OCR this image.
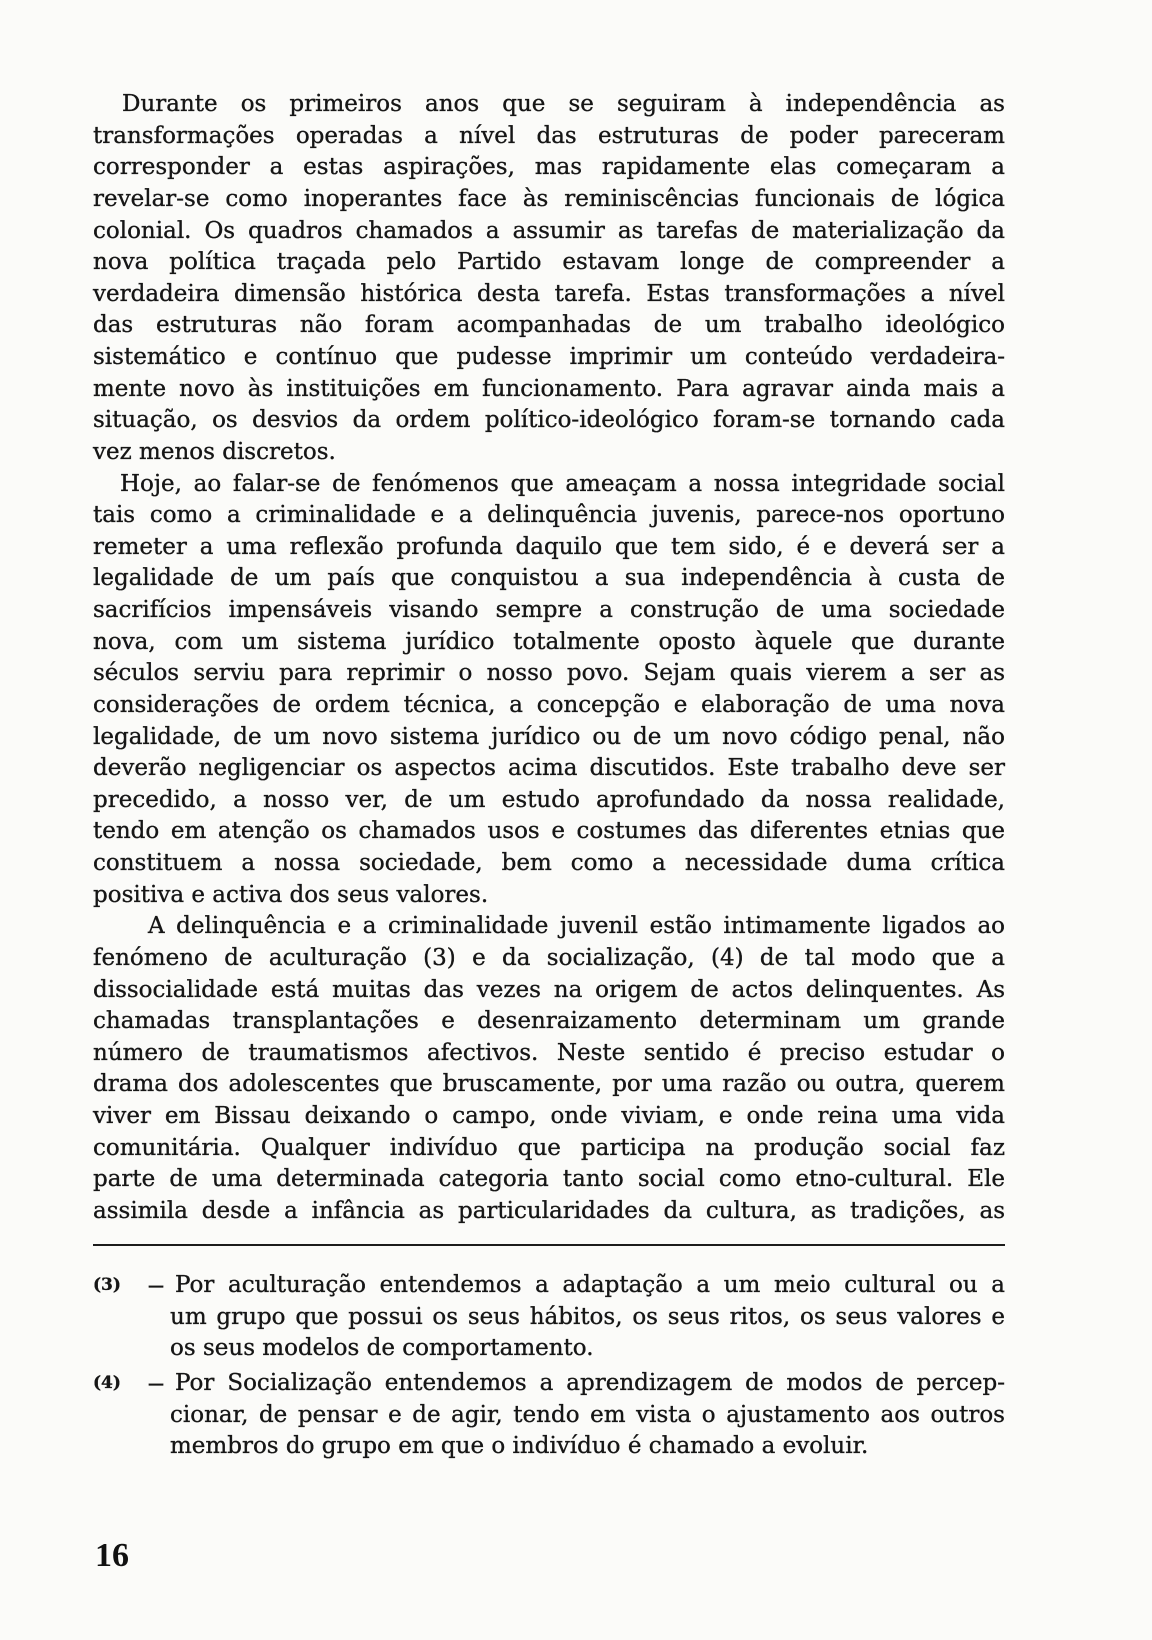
Durante os primeiros anos que se seguiram à independência as
transformações operadas a nível das estruturas de poder pareceram
corresponder a estas aspirações, mas rapidamente elas começaram a
revelar-se como inoperantes face às reminiscências funcionais de lógica
colonial. Os quadros chamados a assumir as tarefas de materialização da
nova política traçada pelo Partido estavam longe de compreender a
verdadeira dimensão histórica desta tarefa. Estas transformações a nível
das estruturas não foram acompanhadas de um trabalho ideológico
sistemático e contínuo que pudesse imprimir um conteúdo verdadeira-
mente novo às instituições em funcionamento. Para agravar ainda mais a
situação, os desvios da ordem político-ideológico foram-se tornando cada
vez menos discretos.
Hoje, ao falar-se de fenómenos que ameaçam a nossa integridade social
tais como a criminalidade e a delinquência juvenis, parece-nos oportuno
remeter a uma reflexão profunda daquilo que tem sido, é e deverá ser a
legalidade de um país que conquistou a sua independência à custa de
sacrifícios impensáveis visando sempre a construção de uma sociedade
nova, com um sistema jurídico totalmente oposto àquele que durante
séculos serviu para reprimir o nosso povo. Sejam quais vierem a ser as
considerações de ordem técnica, a concepção e elaboração de uma nova
legalidade, de um novo sistema jurídico ou de um novo código penal, não
deverão negligenciar os aspectos acima discutidos. Este trabalho deve ser
precedido, a nosso ver, de um estudo aprofundado da nossa realidade,
tendo em atenção os chamados usos e costumes das diferentes etnias que
constituem a nossa sociedade, bem como a necessidade duma crítica
positiva e activa dos seus valores.
A delinquência e a criminalidade juvenil estão intimamente ligados ao
fenómeno de aculturação (3) e da socialização, (4) de tal modo que a
dissocialidade está muitas das vezes na origem de actos delinquentes. As
chamadas transplantações e desenraizamento determinam um grande
número de traumatismos afectivos. Neste sentido é preciso estudar o
drama dos adolescentes que bruscamente, por uma razão ou outra, querem
viver em Bissau deixando o campo, onde viviam, e onde reina uma vida
comunitária. Qualquer indivíduo que participa na produção social faz
parte de uma determinada categoria tanto social como etno-cultural. Ele
assimila desde a infância as particularidades da cultura, as tradições, as
(3) — Por aculturação entendemos a adaptação a um meio cultural ou a
um grupo que possui os seus hábitos, os seus ritos, os seus valores e
os seus modelos de comportamento.
(4) — Por Socialização entendemos a aprendizagem de modos de percep-
cionar, de pensar e de agir, tendo em vista o ajustamento aos outros
membros do grupo em que o indivíduo é chamado a evoluir.
16
